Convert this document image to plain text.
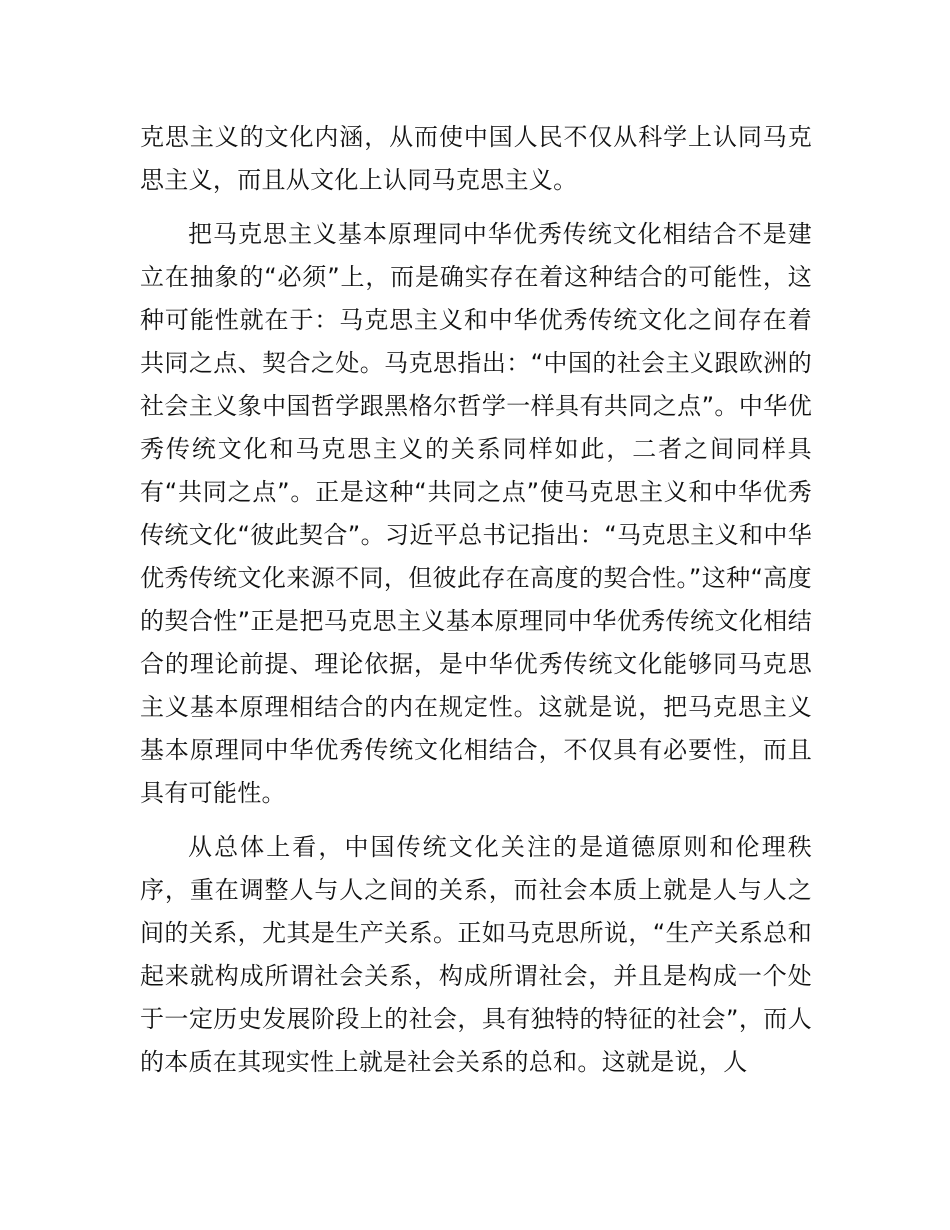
克思主义的文化内涵，从而使中国人民不仅从科学上认同马克思主义，而且从文化上认同马克思主义。

把马克思主义基本原理同中华优秀传统文化相结合不是建立在抽象的“必须”上，而是确实存在着这种结合的可能性，这种可能性就在于：马克思主义和中华优秀传统文化之间存在着共同之点、契合之处。马克思指出：“中国的社会主义跟欧洲的社会主义象中国哲学跟黑格尔哲学一样具有共同之点”。中华优秀传统文化和马克思主义的关系同样如此，二者之间同样具有“共同之点”。正是这种“共同之点”使马克思主义和中华优秀传统文化“彼此契合”。习近平总书记指出：“马克思主义和中华优秀传统文化来源不同，但彼此存在高度的契合性。”这种“高度的契合性”正是把马克思主义基本原理同中华优秀传统文化相结合的理论前提、理论依据，是中华优秀传统文化能够同马克思主义基本原理相结合的内在规定性。这就是说，把马克思主义基本原理同中华优秀传统文化相结合，不仅具有必要性，而且具有可能性。

从总体上看，中国传统文化关注的是道德原则和伦理秩序，重在调整人与人之间的关系，而社会本质上就是人与人之间的关系，尤其是生产关系。正如马克思所说，“生产关系总和起来就构成所谓社会关系，构成所谓社会，并且是构成一个处于一定历史发展阶段上的社会，具有独特的特征的社会”，而人的本质在其现实性上就是社会关系的总和。这就是说，人
